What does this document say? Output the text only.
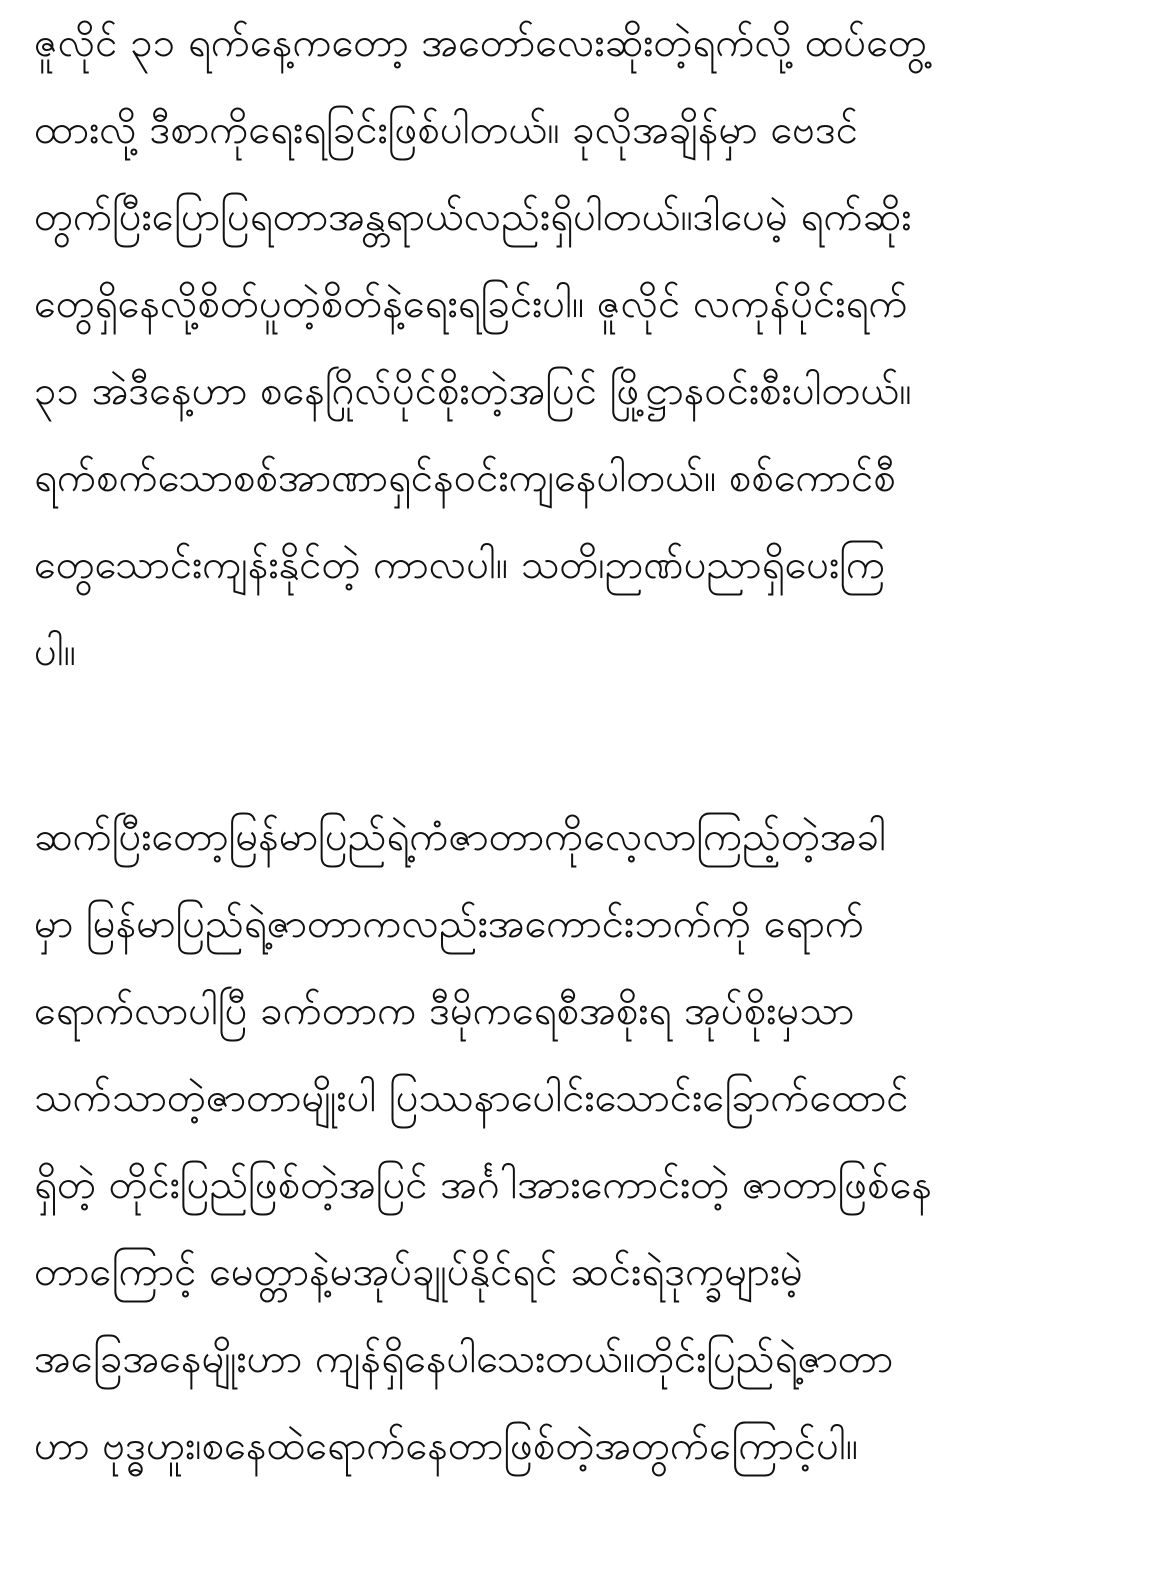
ဇူလိုင် ၃၁ ရက်နေ့ကတော့ အတော်လေးဆိုးတဲ့ရက်လို့ ထပ်တွေ့
ထားလို့ ဒီစာကိုရေးရခြင်းဖြစ်ပါတယ်။ ခုလိုအချိန်မှာ ဗေဒင်
တွက်ပြီးပြောပြရတာအန္တရာယ်လည်းရှိပါတယ်။ဒါပေမဲ့ ရက်ဆိုး
တွေရှိနေလို့စိတ်ပူတဲ့စိတ်နဲ့ရေးရခြင်းပါ။ ဇူလိုင် လကုန်ပိုင်းရက်
၃၁ အဲဒီနေ့ဟာ စနေဂြိုလ်ပိုင်စိုးတဲ့အပြင် ဖြို့ဋ္ဌာနဝင်းစီးပါတယ်။
ရက်စက်သောစစ်အာဏာရှင်နဝင်းကျနေပါတယ်။ စစ်ကောင်စီ
တွေသောင်းကျန်းနိုင်တဲ့ ကာလပါ။ သတိ၊ဉာဏ်ပညာရှိပေးကြ
ပါ။
ဆက်ပြီးတော့မြန်မာပြည်ရဲ့ကံဇာတာကိုလေ့လာကြည့်တဲ့အခါ
မှာ မြန်မာပြည်ရဲ့ဇာတာကလည်းအကောင်းဘက်ကို ရောက်
ရောက်လာပါပြီ ခက်တာက ဒီမိုကရေစီအစိုးရ အုပ်စိုးမှသာ
သက်သာတဲ့ဇာတာမျိုးပါ ပြဿနာပေါင်းသောင်းခြောက်ထောင်
ရှိတဲ့ တိုင်းပြည်ဖြစ်တဲ့အပြင် အင်္ဂါအားကောင်းတဲ့ ဇာတာဖြစ်နေ
တာကြောင့် မေတ္တာနဲ့မအုပ်ချုပ်နိုင်ရင် ဆင်းရဲဒုက္ခများမဲ့
အခြေအနေမျိုးဟာ ကျန်ရှိနေပါသေးတယ်။တိုင်းပြည်ရဲ့ဇာတာ
ဟာ ဗုဒ္ဓဟူး၊စနေထဲရောက်နေတာဖြစ်တဲ့အတွက်ကြောင့်ပါ။
